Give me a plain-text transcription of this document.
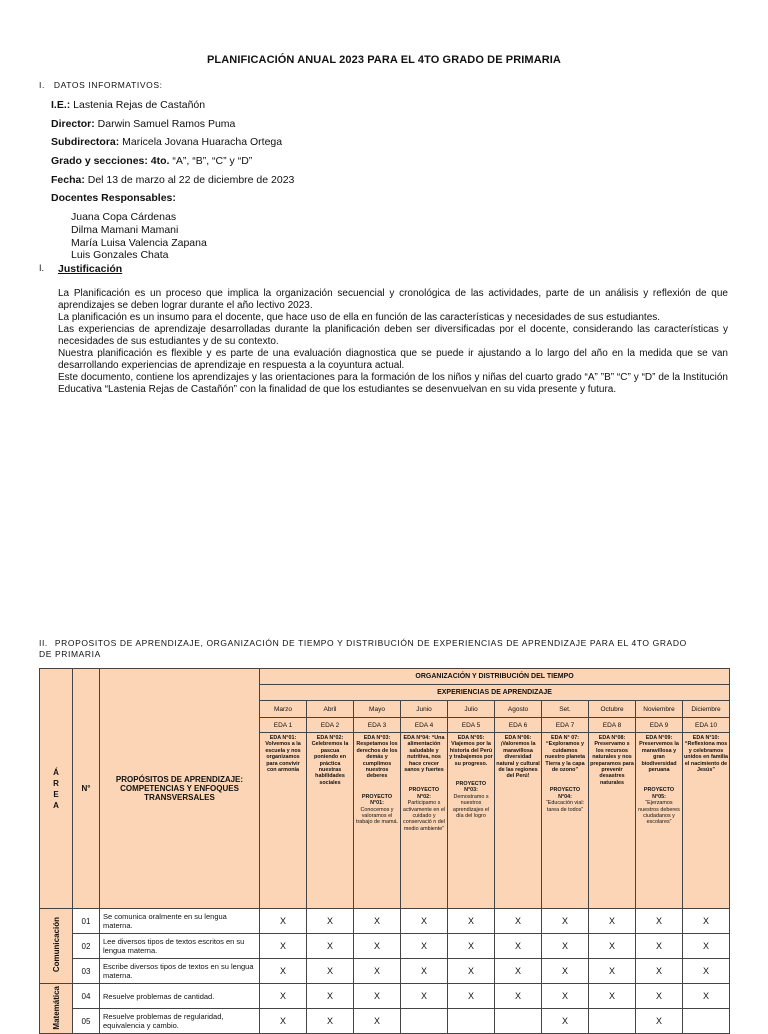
PLANIFICACIÓN ANUAL 2023 PARA EL 4TO GRADO DE PRIMARIA
I. DATOS INFORMATIVOS:
I.E.: Lastenia Rejas de Castañón
Director: Darwin Samuel Ramos Puma
Subdirectora: Maricela Jovana Huaracha Ortega
Grado y secciones: 4to. “A”, “B”, “C” y “D”
Fecha: Del 13 de marzo al 22 de diciembre de 2023
Docentes Responsables:
Juana Copa Cárdenas
Dilma Mamani Mamani
María Luisa Valencia Zapana
Luis Gonzales Chata
I. Justificación
La Planificación es un proceso que implica la organización secuencial y cronológica de las actividades, parte de un análisis y reflexión de que aprendizajes se deben lograr durante el año lectivo 2023.
La planificación es un insumo para el docente, que hace uso de ella en función de las características y necesidades de sus estudiantes.
Las experiencias de aprendizaje desarrolladas durante la planificación deben ser diversificadas por el docente, considerando las características y necesidades de sus estudiantes y de su contexto.
Nuestra planificación es flexible y es parte de una evaluación diagnostica que se puede ir ajustando a lo largo del año en la medida que se van desarrollando experiencias de aprendizaje en respuesta a la coyuntura actual.
Este documento, contiene los aprendizajes y las orientaciones para la formación de los niños y niñas del cuarto grado “A” ”B” “C” y “D” de la Institución Educativa “Lastenia Rejas de Castañón” con la finalidad de que los estudiantes se desenvuelvan en su vida presente y futura.
II. PROPOSITOS DE APRENDIZAJE, ORGANIZACIÓN DE TIEMPO Y DISTRIBUCIÓN DE EXPERIENCIAS DE APRENDIZAJE PARA EL 4TO GRADO DE PRIMARIA
ÁREA	N°	PROPÓSITOS DE APRENDIZAJE: COMPETENCIAS Y ENFOQUES TRANSVERSALES	ORGANIZACIÓN Y DISTRIBUCIÓN DEL TIEMPO									
			EXPERIENCIAS DE APRENDIZAJE									
			Marzo	Abril	Mayo	Junio	Julio	Agosto	Set.	Octubre	Noviembre	Diciembre
			EDA 1	EDA 2	EDA 3	EDA 4	EDA 5	EDA 6	EDA 7	EDA 8	EDA 9	EDA 10
			EDA N°01: Volvemos a la escuela y nos organizamos para convivir con armonía	EDA N°02: Celebremos la pascua poniendo en práctica nuestras habilidades sociales	EDA N°03: Respetamos los derechos de los demás y cumplimos nuestros deberes
PROYECTO N°01:
Conocemos y valoramos el trabajo de mamá.	EDA N°04: “Una alimentación saludable y nutritiva, nos hace crecer sanos y fuertes
PROYECTO N°02:
Participamo s activamente en el cuidado y conservació n del medio ambiente”	EDA N°05: Viajemos por la historia del Perú y trabajemos por su progreso.
PROYECTO N°03:
Demostramo s nuestros aprendizajes el día del logro	EDA N°06: ¡Valoremos la maravillosa diversidad natural y cultural de las regiones del Perú!	EDA N° 07: “Exploramos y cuidamos nuestro planeta Tierra y la capa de ozono”
PROYECTO N°04:
“Educación vial: tarea de todos”	EDA N°08: Preservamo s los recursos naturales y nos preparamos para prevenir desastres naturales	EDA N°09: Preservemos la maravillosa y gran biodiversidad peruana
PROYECTO N°05:
“Ejerzamos nuestros deberes ciudadanos y escolares”	EDA N°10: “Reflexiona mos y celebramos unidos en familia el nacimiento de Jesús”
Comunicación	01	Se comunica oralmente en su lengua materna.	X	X	X	X	X	X	X	X	X	X
	02	Lee diversos tipos de textos escritos en su lengua materna.	X	X	X	X	X	X	X	X	X	X
	03	Escribe diversos tipos de textos en su lengua materna.	X	X	X	X	X	X	X	X	X	X
Matemática	04	Resuelve problemas de cantidad.	X	X	X	X	X	X	X	X	X	X
	05	Resuelve problemas de regularidad, equivalencia y cambio.	X	X	X				X		X	
